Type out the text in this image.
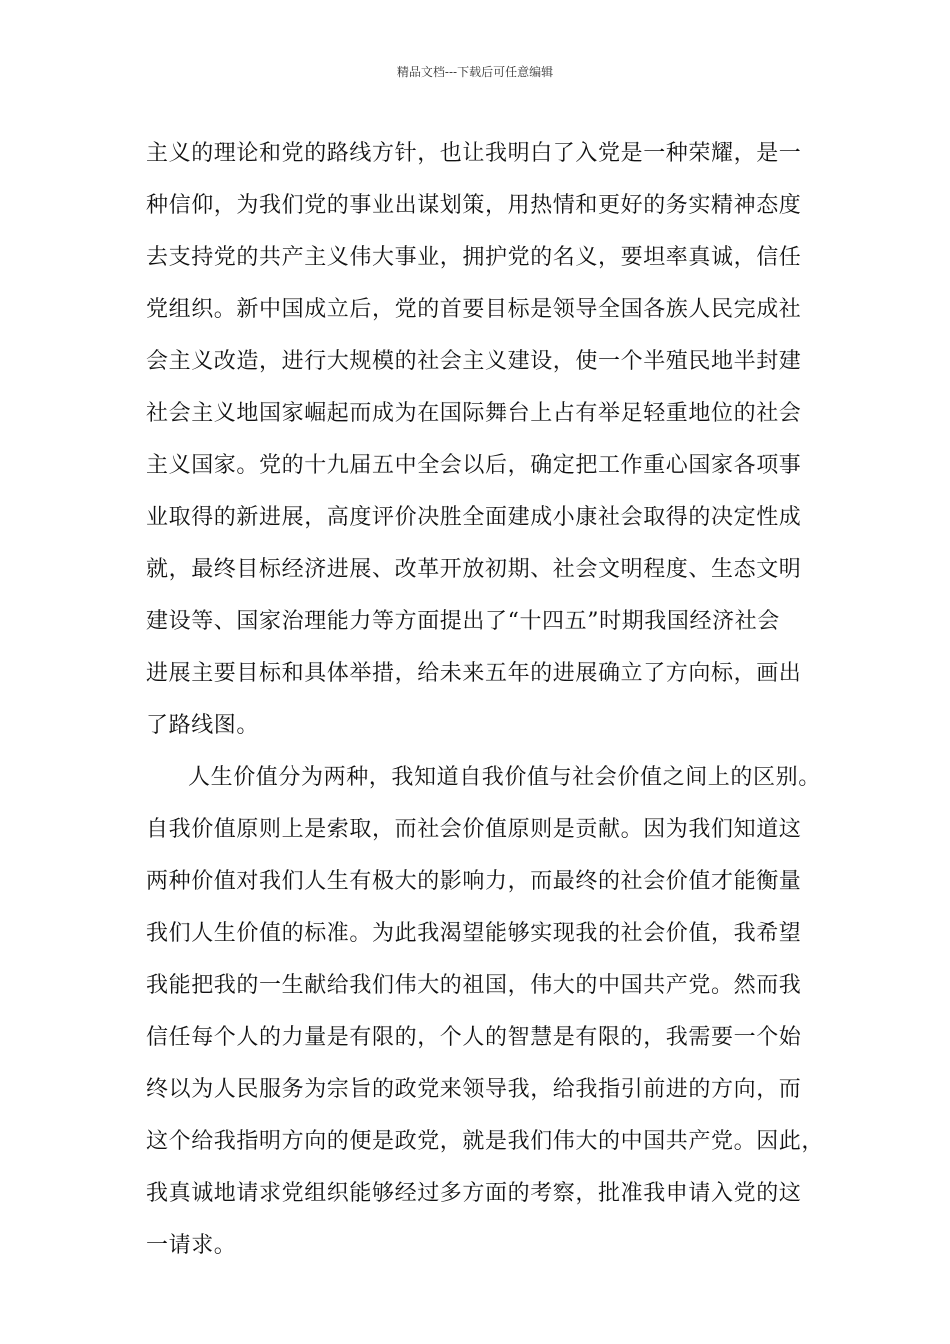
精品文档---下载后可任意编辑
主义的理论和党的路线方针，也让我明白了入党是一种荣耀，是一
种信仰，为我们党的事业出谋划策，用热情和更好的务实精神态度
去支持党的共产主义伟大事业，拥护党的名义，要坦率真诚，信任
党组织。新中国成立后，党的首要目标是领导全国各族人民完成社
会主义改造，进行大规模的社会主义建设，使一个半殖民地半封建
社会主义地国家崛起而成为在国际舞台上占有举足轻重地位的社会
主义国家。党的十九届五中全会以后，确定把工作重心国家各项事
业取得的新进展，高度评价决胜全面建成小康社会取得的决定性成
就，最终目标经济进展、改革开放初期、社会文明程度、生态文明
建设等、国家治理能力等方面提出了“十四五”时期我国经济社会
进展主要目标和具体举措，给未来五年的进展确立了方向标，画出
了路线图。
人生价值分为两种，我知道自我价值与社会价值之间上的区别。
自我价值原则上是索取，而社会价值原则是贡献。因为我们知道这
两种价值对我们人生有极大的影响力，而最终的社会价值才能衡量
我们人生价值的标准。为此我渴望能够实现我的社会价值，我希望
我能把我的一生献给我们伟大的祖国，伟大的中国共产党。然而我
信任每个人的力量是有限的，个人的智慧是有限的，我需要一个始
终以为人民服务为宗旨的政党来领导我，给我指引前进的方向，而
这个给我指明方向的便是政党，就是我们伟大的中国共产党。因此，
我真诚地请求党组织能够经过多方面的考察，批准我申请入党的这
一请求。
